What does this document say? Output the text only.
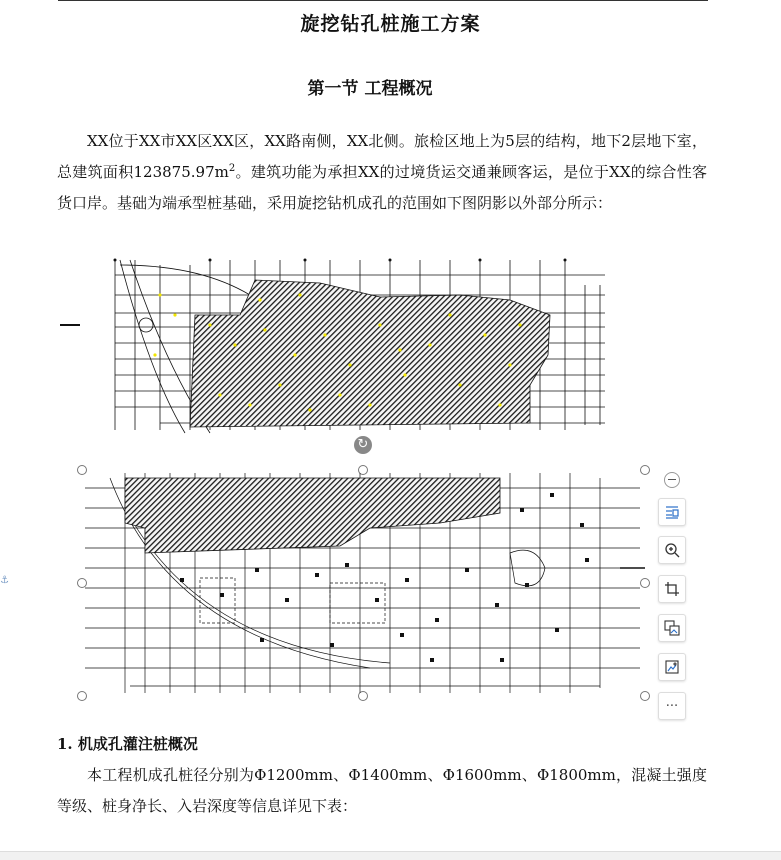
旋挖钻孔桩施工方案
第一节 工程概况

XX位于XX市XX区XX区，XX路南侧，XX北侧。旅检区地上为5层的结构，地下2层地下室，总建筑面积$123875.97m^2$。建筑功能为承担XX的过境货运交通兼顾客运，是位于XX的综合性客货口岸。基础为端承型桩基础，采用旋挖钻机成孔的范围如下图阴影以外部分所示：

↻
···
⚓
1. 机成孔灌注桩概况

本工程机成孔桩径分别为Φ1200mm、Φ1400mm、Φ1600mm、Φ1800mm，混凝土强度等级、桩身净长、入岩深度等信息详见下表：
